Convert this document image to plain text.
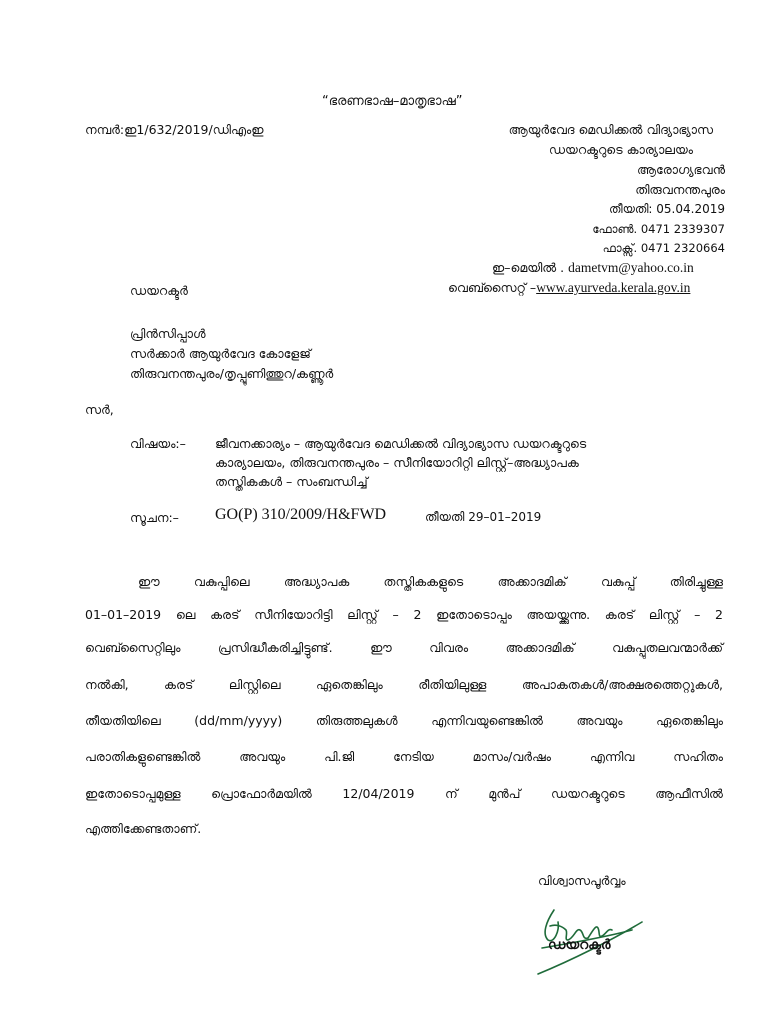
“ഭരണഭാഷ–മാതൃഭാഷ”
നമ്പർ:ഇ1/632/2019/ഡിഎംഇ	ആയുർവേദ മെഡിക്കൽ വിദ്യാഭ്യാസ
ഡയറക്ടറുടെ കാര്യാലയം
ആരോഗ്യഭവൻ
തിരുവനന്തപുരം
തീയതി: 05.04.2019
ഫോൺ. 0471 2339307
ഫാക്സ്. 0471 2320664
ഇ–മെയിൽ . dametvm@yahoo.co.in
വെബ്സൈറ്റ് –www.ayurveda.kerala.gov.in
ഡയറക്ടർ
പ്രിൻസിപ്പാൾ
സർക്കാർ ആയുർവേദ കോളേജ്
തിരുവനന്തപുരം/തൃപ്പൂണിത്തുറ/കണ്ണൂർ
സർ,
വിഷയം:– ജീവനക്കാര്യം – ആയുർവേദ മെഡിക്കൽ വിദ്യാഭ്യാസ ഡയറക്ടറുടെ
കാര്യാലയം, തിരുവനന്തപുരം – സീനിയോറിറ്റി ലിസ്റ്റ്–അദ്ധ്യാപക
തസ്തികകൾ – സംബന്ധിച്ച്
സൂചന:– GO(P) 310/2009/H&FWD	തീയതി 29–01–2019
ഈ വകുപ്പിലെ അദ്ധ്യാപക തസ്തികകളുടെ അക്കാദമിക് വകുപ്പ് തിരിച്ചുള്ള
01–01–2019 ലെ കരട് സീനിയോറിട്ടി ലിസ്റ്റ് – 2 ഇതോടൊപ്പം അയയ്ക്കുന്നു. കരട് ലിസ്റ്റ് – 2
വെബ്സൈറ്റിലും പ്രസിദ്ധീകരിച്ചിട്ടുണ്ട്. ഈ വിവരം അക്കാദമിക് വകുപ്പുതലവന്മാർക്ക്
നൽകി, കരട് ലിസ്റ്റിലെ ഏതെങ്കിലും രീതിയിലുള്ള അപാകതകൾ/അക്ഷരത്തെറ്റുകൾ,
തീയതിയിലെ (dd/mm/yyyy) തിരുത്തലുകൾ എന്നിവയുണ്ടെങ്കിൽ അവയും ഏതെങ്കിലും
പരാതികളുണ്ടെങ്കിൽ അവയും പി.ജി നേടിയ മാസം/വർഷം എന്നിവ സഹിതം
ഇതോടൊപ്പമുള്ള പ്രൊഫോർമയിൽ 12/04/2019 ന് മുൻപ് ഡയറക്ടറുടെ ആഫീസിൽ
എത്തിക്കേണ്ടതാണ്.
വിശ്വാസപൂർവ്വം
ഡയറക്ടർ
